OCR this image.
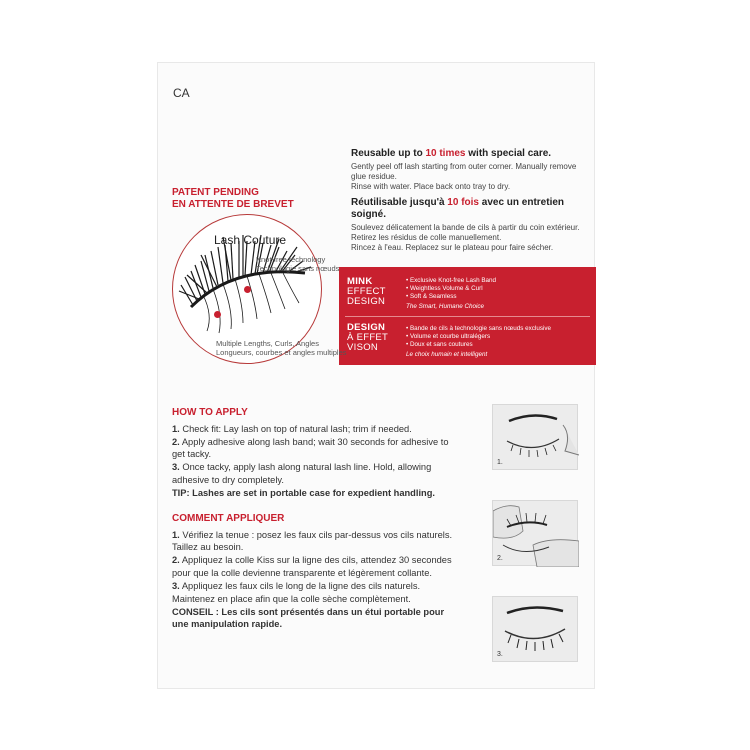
CA
Reusable up to 10 times with special care.

Gently peel off lash starting from outer corner. Manually remove glue residue.

Rinse with water. Place back onto tray to dry.

Réutilisable jusqu'à 10 fois avec un entretien soigné.

Soulevez délicatement la bande de cils à partir du coin extérieur.

Retirez les résidus de colle manuellement.

Rincez à l'eau. Replacez sur le plateau pour faire sécher.

PATENT PENDING
EN ATTENTE DE BREVET
MINK
EFFECT
DESIGN
• Exclusive Knot-free Lash Band
• Weightless Volume & Curl
• Soft & Seamless
The Smart, Humane Choice
DESIGN
À EFFET
VISON
• Bande de cils à technologie sans nœuds exclusive
• Volume et courbe ultralégers
• Doux et sans coutures
Le choix humain et intelligent
Lash Couture
Knot-free technology
Technologie sans nœuds
Multiple Lengths, Curls, Angles
Longueurs, courbes et angles multiples
HOW TO APPLY

1. Check fit: Lay lash on top of natural lash; trim if needed.

2. Apply adhesive along lash band; wait 30 seconds for adhesive to get tacky.

3. Once tacky, apply lash along natural lash line. Hold, allowing adhesive to dry completely.

TIP: Lashes are set in portable case for expedient handling.

COMMENT APPLIQUER

1. Vérifiez la tenue : posez les faux cils par-dessus vos cils naturels. Taillez au besoin.

2. Appliquez la colle Kiss sur la ligne des cils, attendez 30 secondes pour que la colle devienne transparente et légèrement collante.

3. Appliquez les faux cils le long de la ligne des cils naturels. Maintenez en place afin que la colle sèche complètement.

CONSEIL : Les cils sont présentés dans un étui portable pour une manipulation rapide.

1.
2.
3.
